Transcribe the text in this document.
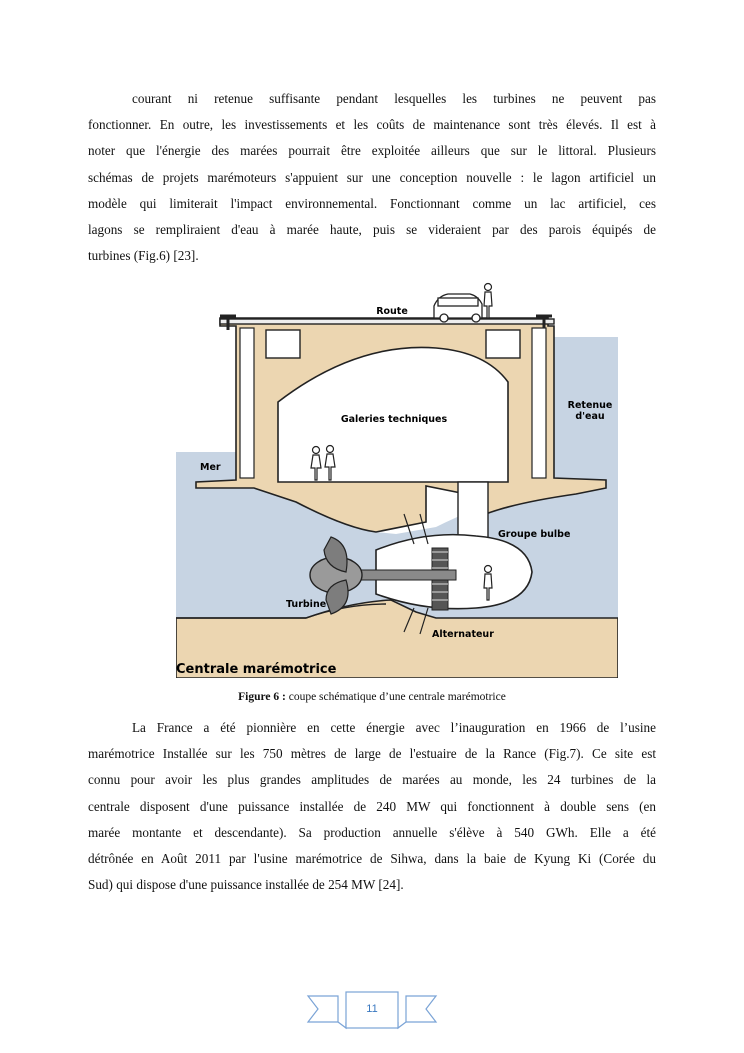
courant ni retenue suffisante pendant lesquelles les turbines ne peuvent pas
fonctionner. En outre, les investissements et les coûts de maintenance sont très élevés. Il est à
noter que l'énergie des marées pourrait être exploitée ailleurs que sur le littoral. Plusieurs
schémas de projets marémoteurs s'appuient sur une conception nouvelle : le lagon artificiel un
modèle qui limiterait l'impact environnemental. Fonctionnant comme un lac artificiel, ces
lagons se rempliraient d'eau à marée haute, puis se videraient par des parois équipés de
turbines (Fig.6) [23].
Route
Galeries techniques
Retenue
d'eau
Mer
Groupe bulbe
Turbine
Alternateur
Centrale marémotrice
Figure 6 : coupe schématique d’une centrale marémotrice
La France a été pionnière en cette énergie avec l’inauguration en 1966 de l’usine
marémotrice Installée sur les 750 mètres de large de l'estuaire de la Rance (Fig.7). Ce site est
connu pour avoir les plus grandes amplitudes de marées au monde, les 24 turbines de la
centrale disposent d'une puissance installée de 240 MW qui fonctionnent à double sens (en
marée montante et descendante). Sa production annuelle s'élève à 540 GWh. Elle a été
détrônée en Août 2011 par l'usine marémotrice de Sihwa, dans la baie de Kyung Ki (Corée du
Sud) qui dispose d'une puissance installée de 254 MW [24].
11
